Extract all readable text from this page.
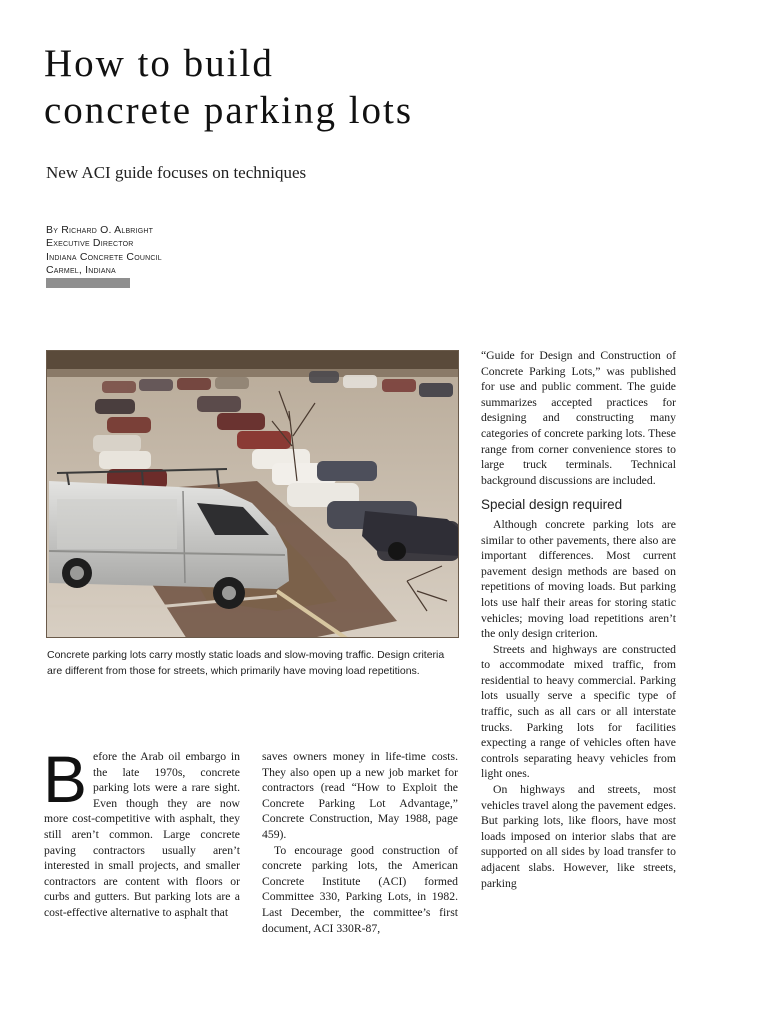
How to build
concrete parking lots
New ACI guide focuses on techniques
By Richard O. Albright
Executive Director
Indiana Concrete Council
Carmel, Indiana

Concrete parking lots carry mostly static loads and slow-moving traffic. Design criteria are different from those for streets, which primarily have moving load repetitions.

Before the Arab oil embargo in the late 1970s, concrete parking lots were a rare sight. Even though they are now more cost-competitive with asphalt, they still aren’t common. Large concrete paving contractors usually aren’t interested in small projects, and smaller contractors are content with floors or curbs and gutters. But parking lots are a cost-effective alternative to asphalt that

saves owners money in life-time costs. They also open up a new job market for contractors (read “How to Exploit the Concrete Parking Lot Advantage,” Concrete Construction, May 1988, page 459).

To encourage good construction of concrete parking lots, the American Concrete Institute (ACI) formed Committee 330, Parking Lots, in 1982. Last December, the committee’s first document, ACI 330R-87,

“Guide for Design and Construction of Concrete Parking Lots,” was published for use and public comment. The guide summarizes accepted practices for designing and constructing many categories of concrete parking lots. These range from corner convenience stores to large truck terminals. Technical background discussions are included.

Special design required

Although concrete parking lots are similar to other pavements, there also are important differences. Most current pavement design methods are based on repetitions of moving loads. But parking lots use half their areas for storing static vehicles; moving load repetitions aren’t the only design criterion.

Streets and highways are constructed to accommodate mixed traffic, from residential to heavy commercial. Parking lots usually serve a specific type of traffic, such as all cars or all interstate trucks. Parking lots for facilities expecting a range of vehicles often have controls separating heavy vehicles from light ones.

On highways and streets, most vehicles travel along the pavement edges. But parking lots, like floors, have most loads imposed on interior slabs that are supported on all sides by load transfer to adjacent slabs. However, like streets, parking
